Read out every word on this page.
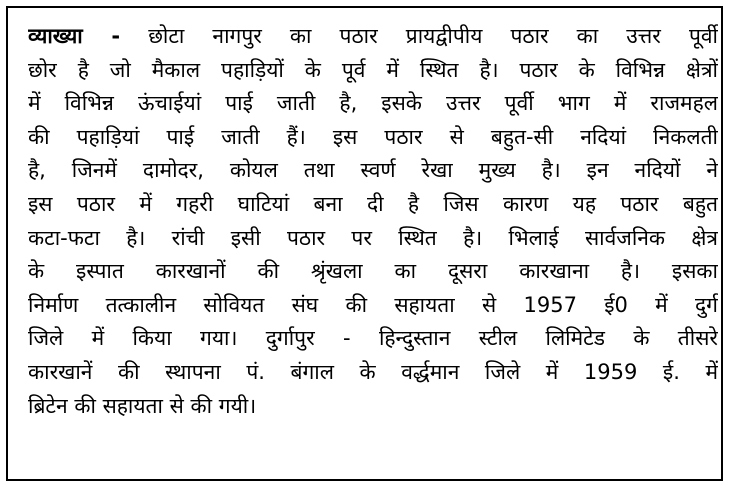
व्याख्या - छोटा नागपुर का पठार प्रायद्वीपीय पठार का उत्तर पूर्वी
छोर है जो मैकाल पहाड़ियों के पूर्व में स्थित है। पठार के विभिन्न क्षेत्रों
में विभिन्न ऊंचाईयां पाई जाती है, इसके उत्तर पूर्वी भाग में राजमहल
की पहाड़ियां पाई जाती हैं। इस पठार से बहुत-सी नदियां निकलती
है, जिनमें दामोदर, कोयल तथा स्वर्ण रेखा मुख्य है। इन नदियों ने
इस पठार में गहरी घाटियां बना दी है जिस कारण यह पठार बहुत
कटा-फटा है। रांची इसी पठार पर स्थित है। भिलाई सार्वजनिक क्षेत्र
के इस्पात कारखानों की श्रृंखला का दूसरा कारखाना है। इसका
निर्माण तत्कालीन सोवियत संघ की सहायता से 1957 ई0 में दुर्ग
जिले में किया गया। दुर्गापुर - हिन्दुस्तान स्टील लिमिटेड के तीसरे
कारखानें की स्थापना पं. बंगाल के वर्द्धमान जिले में 1959 ई. में
ब्रिटेन की सहायता से की गयी।
